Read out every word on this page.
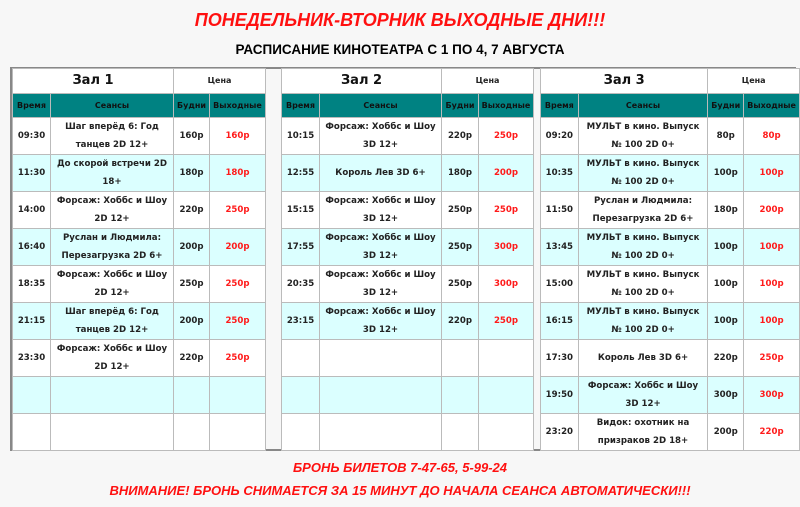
ПОНЕДЕЛЬНИК-ВТОРНИК ВЫХОДНЫЕ ДНИ!!!
РАСПИСАНИЕ КИНОТЕАТРА С 1 ПО 4, 7 АВГУСТА
Зал 1		Цена	
Время	Сеансы	Будни	Выходные
09:30	Шаг вперёд 6: Год танцев 2D 12+	160р	160р
11:30	До скорой встречи 2D 18+	180р	180р
14:00	Форсаж: Хоббс и Шоу 2D 12+	220р	250р
16:40	Руслан и Людмила: Перезагрузка 2D 6+	200р	200р
18:35	Форсаж: Хоббс и Шоу 2D 12+	250р	250р
21:15	Шаг вперёд 6: Год танцев 2D 12+	200р	250р
23:30	Форсаж: Хоббс и Шоу 2D 12+	220р	250р

Зал 2		Цена	
Время	Сеансы	Будни	Выходные
10:15	Форсаж: Хоббс и Шоу 3D 12+	220р	250р
12:55	Король Лев 3D 6+	180р	200р
15:15	Форсаж: Хоббс и Шоу 3D 12+	250р	250р
17:55	Форсаж: Хоббс и Шоу 3D 12+	250р	300р
20:35	Форсаж: Хоббс и Шоу 3D 12+	250р	300р
23:15	Форсаж: Хоббс и Шоу 3D 12+	220р	250р

Зал 3		Цена	
Время	Сеансы	Будни	Выходные
09:20	МУЛЬТ в кино. Выпуск № 100 2D 0+	80р	80р
10:35	МУЛЬТ в кино. Выпуск № 100 2D 0+	100р	100р
11:50	Руслан и Людмила: Перезагрузка 2D 6+	180р	200р
13:45	МУЛЬТ в кино. Выпуск № 100 2D 0+	100р	100р
15:00	МУЛЬТ в кино. Выпуск № 100 2D 0+	100р	100р
16:15	МУЛЬТ в кино. Выпуск № 100 2D 0+	100р	100р
17:30	Король Лев 3D 6+	220р	250р
19:50	Форсаж: Хоббс и Шоу 3D 12+	300р	300р
23:20	Видок: охотник на призраков 2D 18+	200р	220р
БРОНЬ БИЛЕТОВ 7-47-65, 5-99-24
ВНИМАНИЕ! БРОНЬ СНИМАЕТСЯ ЗА 15 МИНУТ ДО НАЧАЛА СЕАНСА АВТОМАТИЧЕСКИ!!!
